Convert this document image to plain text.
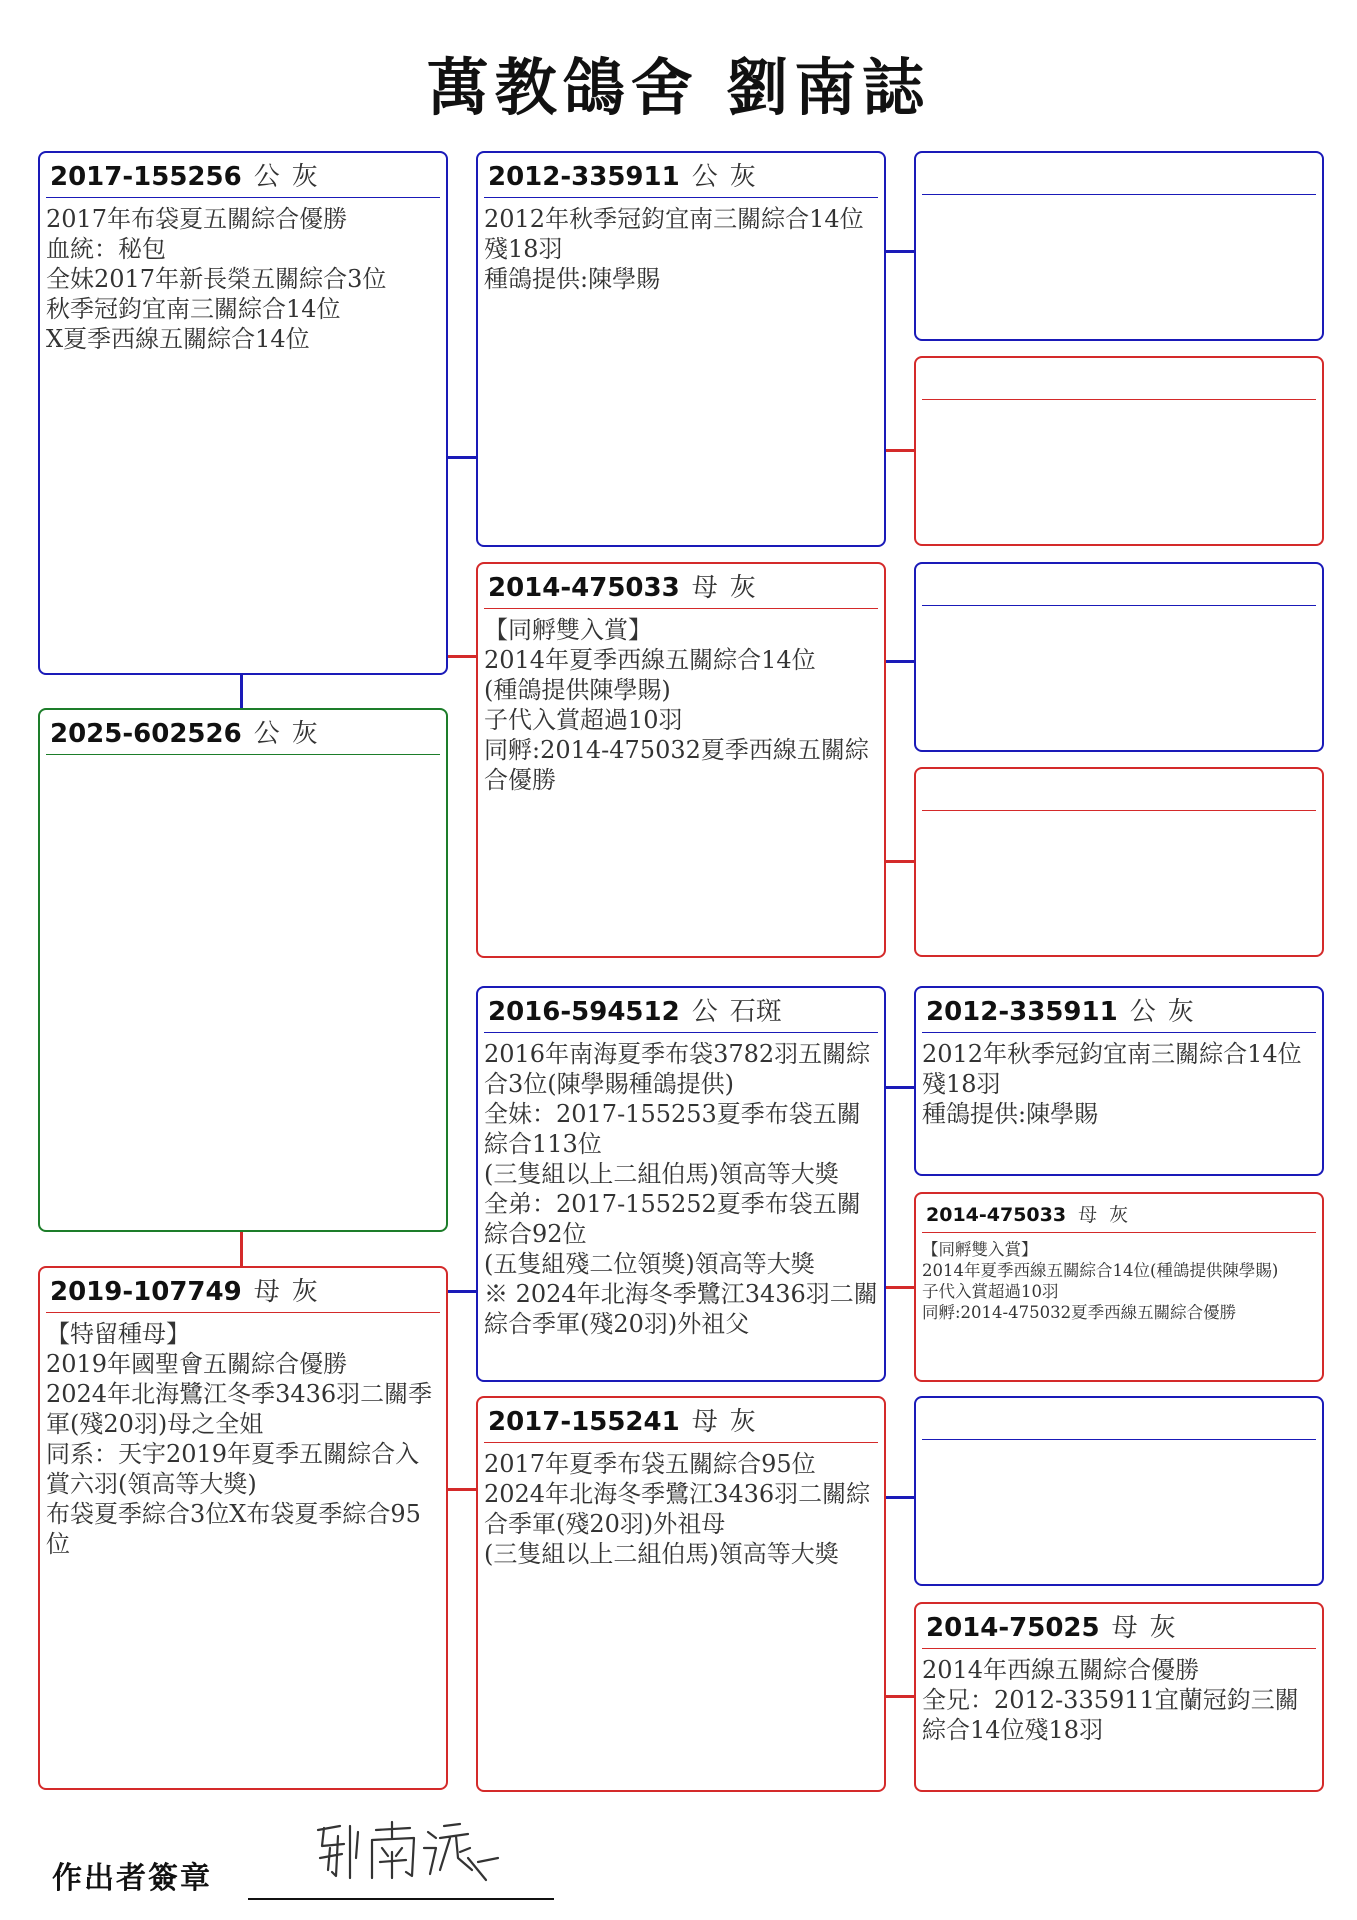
萬教鴿舍 劉南誌
2017-155256 公 灰
2017年布袋夏五關綜合優勝
血統：秘包
全妹2017年新長榮五關綜合3位
秋季冠鈞宜南三關綜合14位
X夏季西線五關綜合14位
2025-602526 公 灰
2019-107749 母 灰
【特留種母】
2019年國聖會五關綜合優勝
2024年北海鷺江冬季3436羽二關季軍(殘20羽)母之全姐
同系：天宇2019年夏季五關綜合入賞六羽(領高等大獎)
布袋夏季綜合3位X布袋夏季綜合95位
2012-335911 公 灰
2012年秋季冠鈞宜南三關綜合14位殘18羽
種鴿提供:陳學賜
2014-475033 母 灰
【同孵雙入賞】
2014年夏季西線五關綜合14位
(種鴿提供陳學賜)
子代入賞超過10羽
同孵:2014-475032夏季西線五關綜合優勝
2016-594512 公 石斑
2016年南海夏季布袋3782羽五關綜合3位(陳學賜種鴿提供)
全妹：2017-155253夏季布袋五關綜合113位
(三隻組以上二組伯馬)領高等大獎
全弟：2017-155252夏季布袋五關綜合92位
(五隻組殘二位領獎)領高等大獎
※ 2024年北海冬季鷺江3436羽二關綜合季軍(殘20羽)外祖父
2017-155241 母 灰
2017年夏季布袋五關綜合95位
2024年北海冬季鷺江3436羽二關綜合季軍(殘20羽)外祖母
(三隻組以上二組伯馬)領高等大獎
2012-335911 公 灰
2012年秋季冠鈞宜南三關綜合14位殘18羽
種鴿提供:陳學賜
2014-475033 母 灰
【同孵雙入賞】
2014年夏季西線五關綜合14位(種鴿提供陳學賜)
子代入賞超過10羽
同孵:2014-475032夏季西線五關綜合優勝
2014-75025 母 灰
2014年西線五關綜合優勝
全兄：2012-335911宜蘭冠鈞三關綜合14位殘18羽
作出者簽章
